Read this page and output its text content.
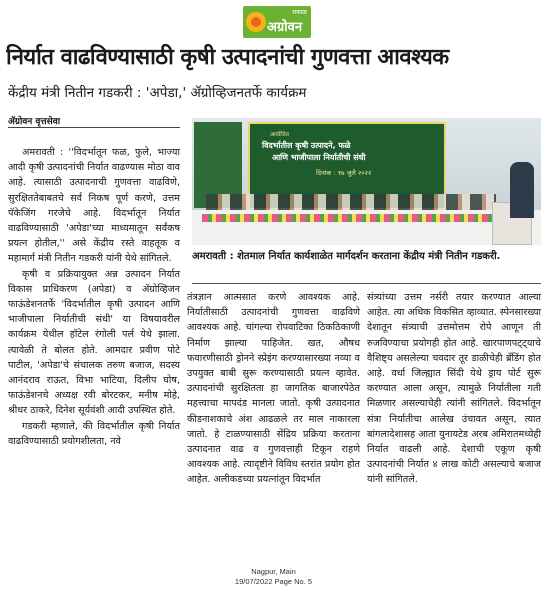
सकाळ
अग्रोवन
निर्यात वाढविण्यासाठी कृषी उत्पादनांची गुणवत्ता आवश्यक
केंद्रीय मंत्री नितीन गडकरी : 'अपेडा,' ॲग्रोव्हिजनतर्फे कार्यक्रम
ॲग्रोवन वृत्तसेवा

अमरावती : ''विदर्भातून फळ, फुले, भाज्या आदी कृषी उत्पादनांची निर्यात वाढण्यास मोठा वाव आहे. त्यासाठी उत्पादनाची गुणवत्ता वाढविणे, सुरक्षिततेबाबतचे सर्व निकष पूर्ण करणे, उत्तम पॅकेजिंग गरजेचे आहे. विदर्भातून निर्यात वाढविण्यासाठी 'अपेडा'च्या माध्यमातून सर्वंकष प्रयत्न होतील,'' असे केंद्रीय रस्ते वाहतूक व महामार्ग मंत्री नितीन गडकरी यांनी येथे सांगितले.

कृषी व प्रक्रियायुक्त अन्न उत्पादन निर्यात विकास प्राधिकरण (अपेडा) व ॲग्रोव्हिजन फाऊंडेशनतर्फे 'विदर्भातील कृषी उत्पादन आणि भाजीपाला निर्यातीची संधी' या विषयावरील कार्यक्रम येथील हॉटेल रंगोली पर्ल येथे झाला. त्यावेळी ते बोलत होते. आमदार प्रवीण पोटे पाटील, 'अपेडा'चे संचालक तरुण बजाज, सदस्य आनंदराव राऊत, विभा भाटिया, दिलीप घोष, फाऊंडेशनचे अध्यक्ष रवी बोरटकर, मनीष मोहे, श्रीधर ठाकरे, दिनेश सूर्यवंशी आदी उपस्थित होते.

गडकरी म्हणाले, की विदर्भातील कृषी निर्यात वाढविण्यासाठी प्रयोगशीलता, नवे

आयोजित
विदर्भातील कृषी उत्पादने, फळे
आणि भाजीपाला निर्यातीची संधी
दिनांक : १७ जुलै २०२२
अमरावती : शेतमाल निर्यात कार्यशाळेत मार्गदर्शन करताना केंद्रीय मंत्री नितीन गडकरी.

तंत्रज्ञान आत्मसात करणे आवश्यक आहे. निर्यातीसाठी उत्पादनांची गुणवत्ता वाढविणे आवश्यक आहे. चांगल्या रोपवाटिका ठिकठिकाणी निर्माण झाल्या पाहिजेत. खत, औषध फवारणीसाठी ड्रोनने स्प्रेइंग करण्यासारख्या नव्या व उपयुक्त बाबी सुरू करण्यासाठी प्रयत्न व्हावेत. उत्पादनांची सुरक्षितता हा जागतिक बाजारपेठेत महत्त्वाचा मापदंड मानला जातो. कृषी उत्पादनात कीडनाशकाचे अंश आढळले तर माल नाकारला जातो. हे टाळण्यासाठी सेंद्रिय प्रक्रिया करताना उत्पादनात वाढ व गुणवत्ताही टिकून राहणे आवश्यक आहे. त्यादृष्टीने विविध स्तरांत प्रयोग होत आहेत. अलीकडच्या प्रयत्नांतून विदर्भात

संत्र्यांच्या उत्तम नर्सरी तयार करण्यात आल्या आहेत. त्या अधिक विकसित व्हाव्यात. स्पेनसारख्या देशातून संत्र्याची उत्तमोत्तम रोपे आणून ती रुजविण्याचा प्रयोगही होत आहे. खारपाणपट्ट्याचे वैशिष्ट्य असलेल्या चवदार तूर डाळीचेही ब्रॅंडिंग होत आहे. वर्धा जिल्ह्यात सिंदी येथे ड्राय पोर्ट सुरू करण्यात आला असून, त्यामुळे निर्यातीला गती मिळणार असल्याचेही त्यांनी सांगितले. विदर्भातून संत्रा निर्यातीचा आलेख उंचावत असून, त्यात बांगलादेशासह आता युनायटेड अरब अमिरातमध्येही निर्यात वाढली आहे. देशाची एकूण कृषी उत्पादनांची निर्यात ४ लाख कोटी असल्याचे बजाज यांनी सांगितले.

Nagpur, Main
19/07/2022 Page No. 5
